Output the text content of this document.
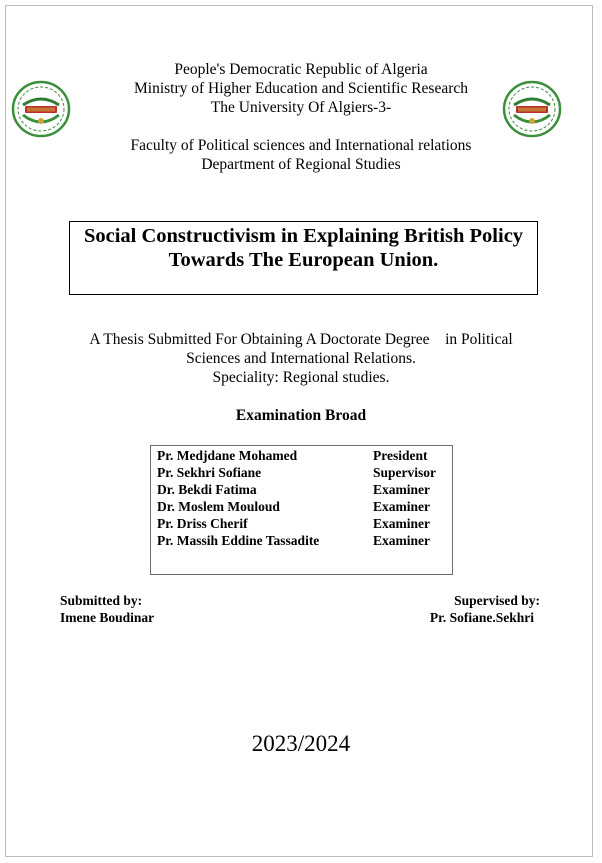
People's Democratic Republic of Algeria
Ministry of Higher Education and Scientific Research
The University Of Algiers-3-
Faculty of Political sciences and International relations
Department of Regional Studies
Social Constructivism in Explaining British Policy
Towards The European Union.
A Thesis Submitted For Obtaining A Doctorate Degree    in Political
Sciences and International Relations.
Speciality: Regional studies.
Examination Broad
Pr. Medjdane Mohamed	President
Pr. Sekhri Sofiane	Supervisor
Dr. Bekdi Fatima	Examiner
Dr. Moslem Mouloud	Examiner
Pr. Driss Cherif	Examiner
Pr. Massih Eddine Tassadite	Examiner
Submitted by:
Imene Boudinar
Supervised by:
Pr. Sofiane.Sekhri
2023/2024
